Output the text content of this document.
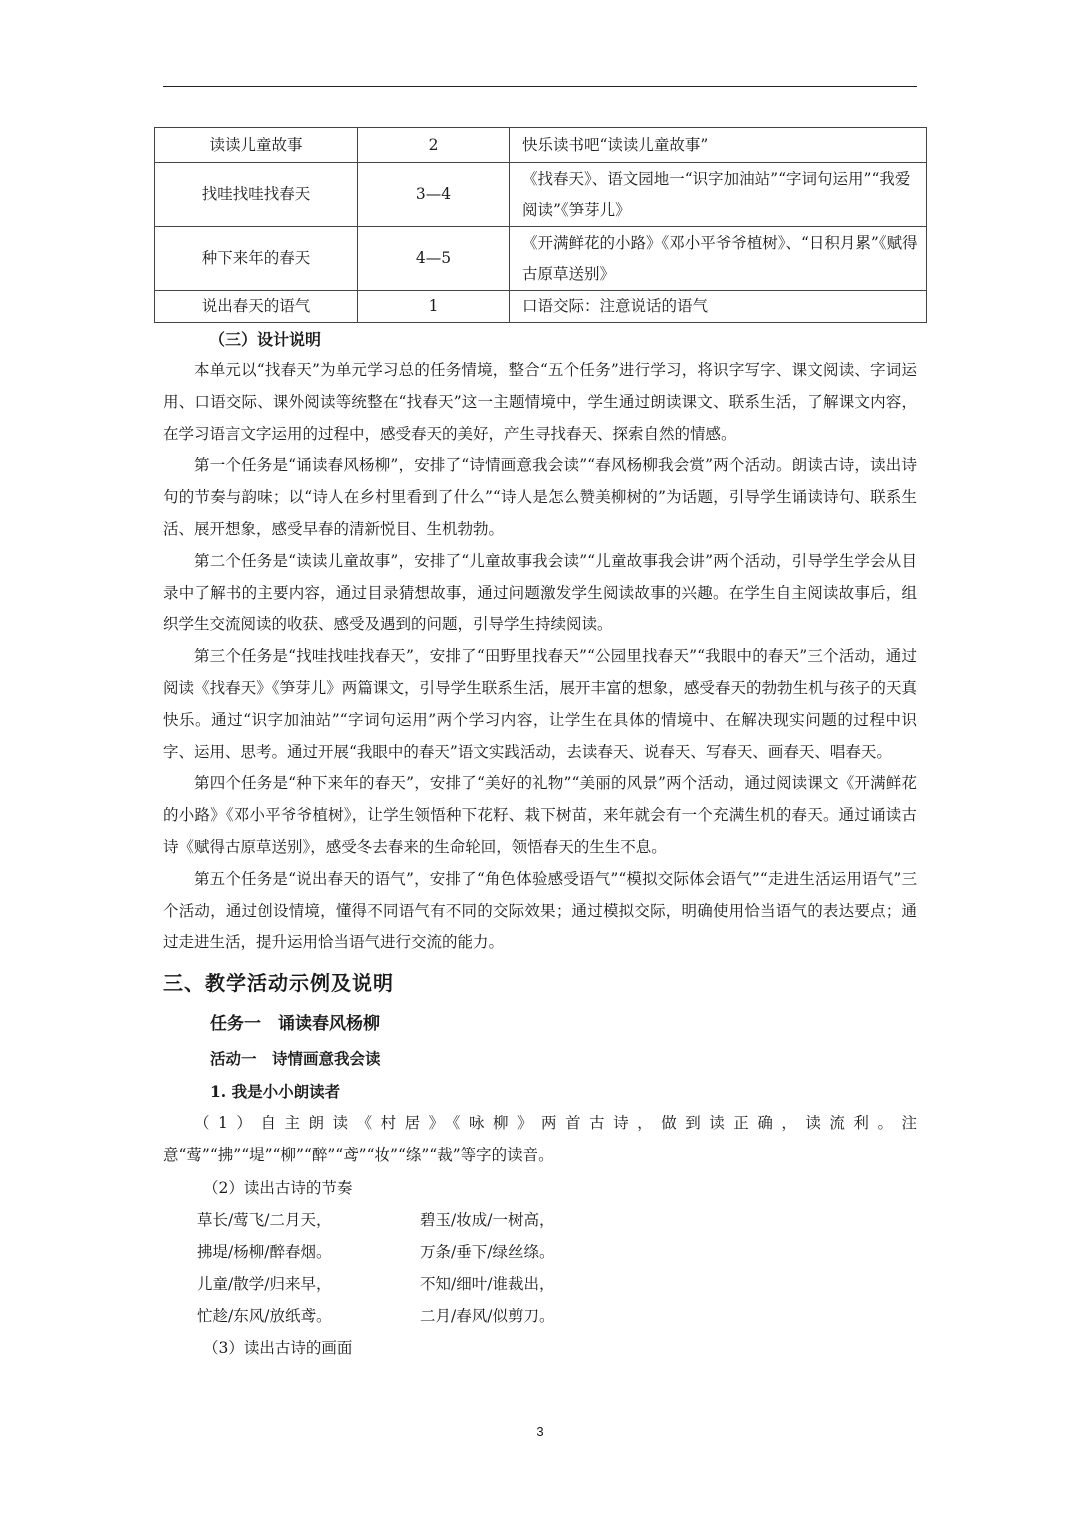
读读儿童故事	2	快乐读书吧“读读儿童故事”
找哇找哇找春天	3—4	《找春天》、语文园地一“识字加油站”“字词句运用”“我爱阅读”《笋芽儿》
种下来年的春天	4—5	《开满鲜花的小路》《邓小平爷爷植树》、“日积月累”《赋得古原草送别》
说出春天的语气	1	口语交际：注意说话的语气

（三）设计说明

本单元以“找春天”为单元学习总的任务情境，整合“五个任务”进行学习，将识字写字、课文阅读、字词运用、口语交际、课外阅读等统整在“找春天”这一主题情境中，学生通过朗读课文、联系生活，了解课文内容，在学习语言文字运用的过程中，感受春天的美好，产生寻找春天、探索自然的情感。

第一个任务是“诵读春风杨柳”，安排了“诗情画意我会读”“春风杨柳我会赏”两个活动。朗读古诗，读出诗句的节奏与韵味；以“诗人在乡村里看到了什么”“诗人是怎么赞美柳树的”为话题，引导学生诵读诗句、联系生活、展开想象，感受早春的清新悦目、生机勃勃。

第二个任务是“读读儿童故事”，安排了“儿童故事我会读”“儿童故事我会讲”两个活动，引导学生学会从目录中了解书的主要内容，通过目录猜想故事，通过问题激发学生阅读故事的兴趣。在学生自主阅读故事后，组织学生交流阅读的收获、感受及遇到的问题，引导学生持续阅读。

第三个任务是“找哇找哇找春天”，安排了“田野里找春天”“公园里找春天”“我眼中的春天”三个活动，通过阅读《找春天》《笋芽儿》两篇课文，引导学生联系生活，展开丰富的想象，感受春天的勃勃生机与孩子的天真快乐。通过“识字加油站”“字词句运用”两个学习内容，让学生在具体的情境中、在解决现实问题的过程中识字、运用、思考。通过开展“我眼中的春天”语文实践活动，去读春天、说春天、写春天、画春天、唱春天。

第四个任务是“种下来年的春天”，安排了“美好的礼物”“美丽的风景”两个活动，通过阅读课文《开满鲜花的小路》《邓小平爷爷植树》，让学生领悟种下花籽、栽下树苗，来年就会有一个充满生机的春天。通过诵读古诗《赋得古原草送别》，感受冬去春来的生命轮回，领悟春天的生生不息。

第五个任务是“说出春天的语气”，安排了“角色体验感受语气”“模拟交际体会语气”“走进生活运用语气”三个活动，通过创设情境，懂得不同语气有不同的交际效果；通过模拟交际，明确使用恰当语气的表达要点；通过走进生活，提升运用恰当语气进行交流的能力。

三、教学活动示例及说明

任务一　诵读春风杨柳

活动一　诗情画意我会读

1. 我是小小朗读者

（1）自主朗读《村居》《咏柳》两首古诗，做到读正确，读流利。注意“莺”“拂”“堤”“柳”“醉”“鸢”“妆”“绦”“裁”等字的读音。

（2）读出古诗的节奏

草长/莺飞/二月天，	碧玉/妆成/一树高，
拂堤/杨柳/醉春烟。	万条/垂下/绿丝绦。
儿童/散学/归来早，	不知/细叶/谁裁出，
忙趁/东风/放纸鸢。	二月/春风/似剪刀。

（3）读出古诗的画面

3
